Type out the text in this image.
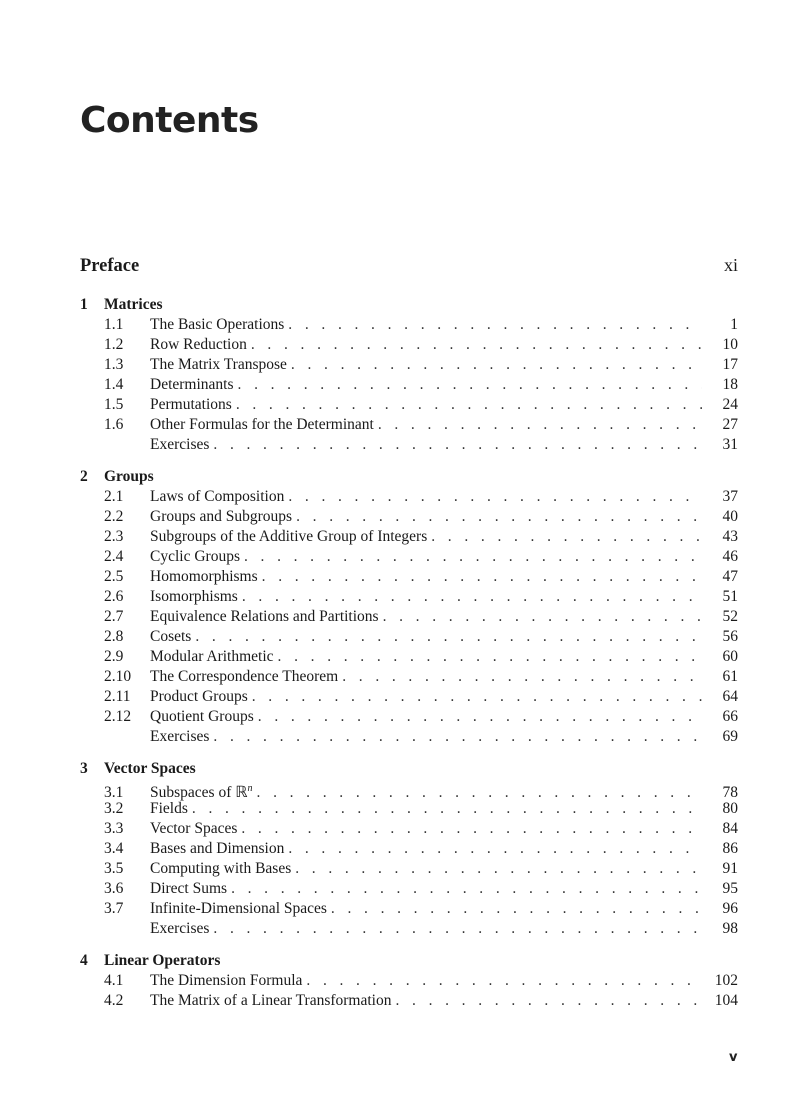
Contents
Preface	xi
1	Matrices
1.1	The Basic Operations . . .	1
1.2	Row Reduction . . .	10
1.3	The Matrix Transpose . . .	17
1.4	Determinants . . .	18
1.5	Permutations . . .	24
1.6	Other Formulas for the Determinant . . .	27
Exercises . . .	31
2	Groups
2.1	Laws of Composition . . .	37
2.2	Groups and Subgroups . . .	40
2.3	Subgroups of the Additive Group of Integers . . .	43
2.4	Cyclic Groups . . .	46
2.5	Homomorphisms . . .	47
2.6	Isomorphisms . . .	51
2.7	Equivalence Relations and Partitions . . .	52
2.8	Cosets . . .	56
2.9	Modular Arithmetic . . .	60
2.10	The Correspondence Theorem . . .	61
2.11	Product Groups . . .	64
2.12	Quotient Groups . . .	66
Exercises . . .	69
3	Vector Spaces
3.1	Subspaces of ℝ$^n$ . . .	78
3.2	Fields . . .	80
3.3	Vector Spaces . . .	84
3.4	Bases and Dimension . . .	86
3.5	Computing with Bases . . .	91
3.6	Direct Sums . . .	95
3.7	Infinite-Dimensional Spaces . . .	96
Exercises . . .	98
4	Linear Operators
4.1	The Dimension Formula . . .	102
4.2	The Matrix of a Linear Transformation . . .	104
v
